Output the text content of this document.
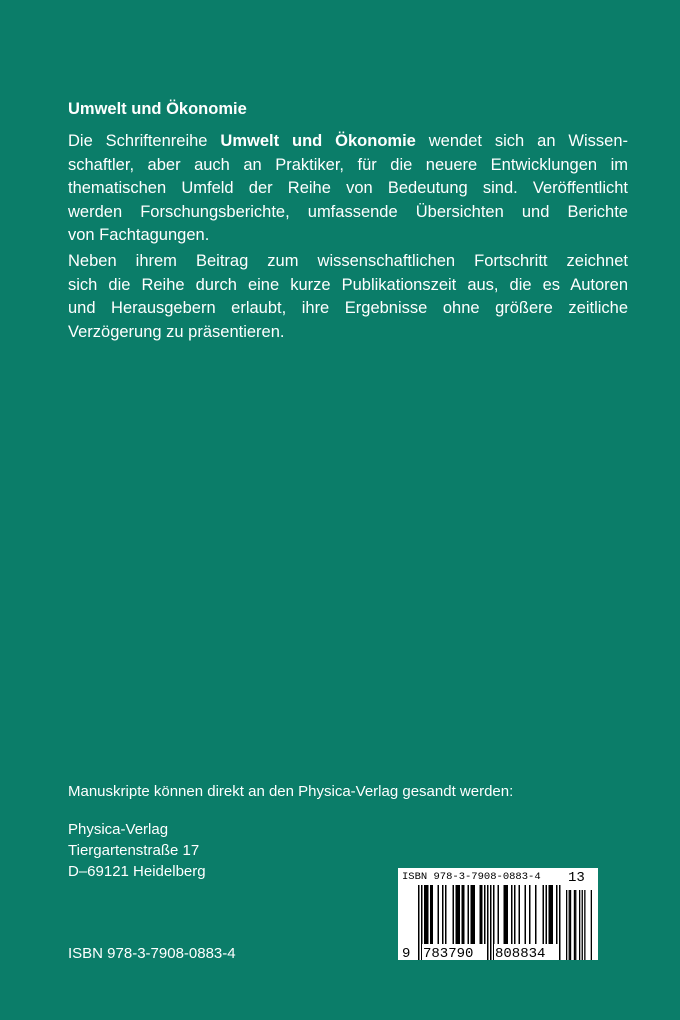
Umwelt und Ökonomie
Die Schriftenreihe Umwelt und Ökonomie wendet sich an Wissen-
schaftler, aber auch an Praktiker, für die neuere Entwicklungen im
thematischen Umfeld der Reihe von Bedeutung sind. Veröffentlicht
werden Forschungsberichte, umfassende Übersichten und Berichte
von Fachtagungen.
Neben ihrem Beitrag zum wissenschaftlichen Fortschritt zeichnet
sich die Reihe durch eine kurze Publikationszeit aus, die es Autoren
und Herausgebern erlaubt, ihre Ergebnisse ohne größere zeitliche
Verzögerung zu präsentieren.

Manuskripte können direkt an den Physica-Verlag gesandt werden:

Physica-Verlag
Tiergartenstraße 17
D–69121 Heidelberg	ISBN 978-3-7908-0883-4 13
9 783790 808834
ISBN 978-3-7908-0883-4
